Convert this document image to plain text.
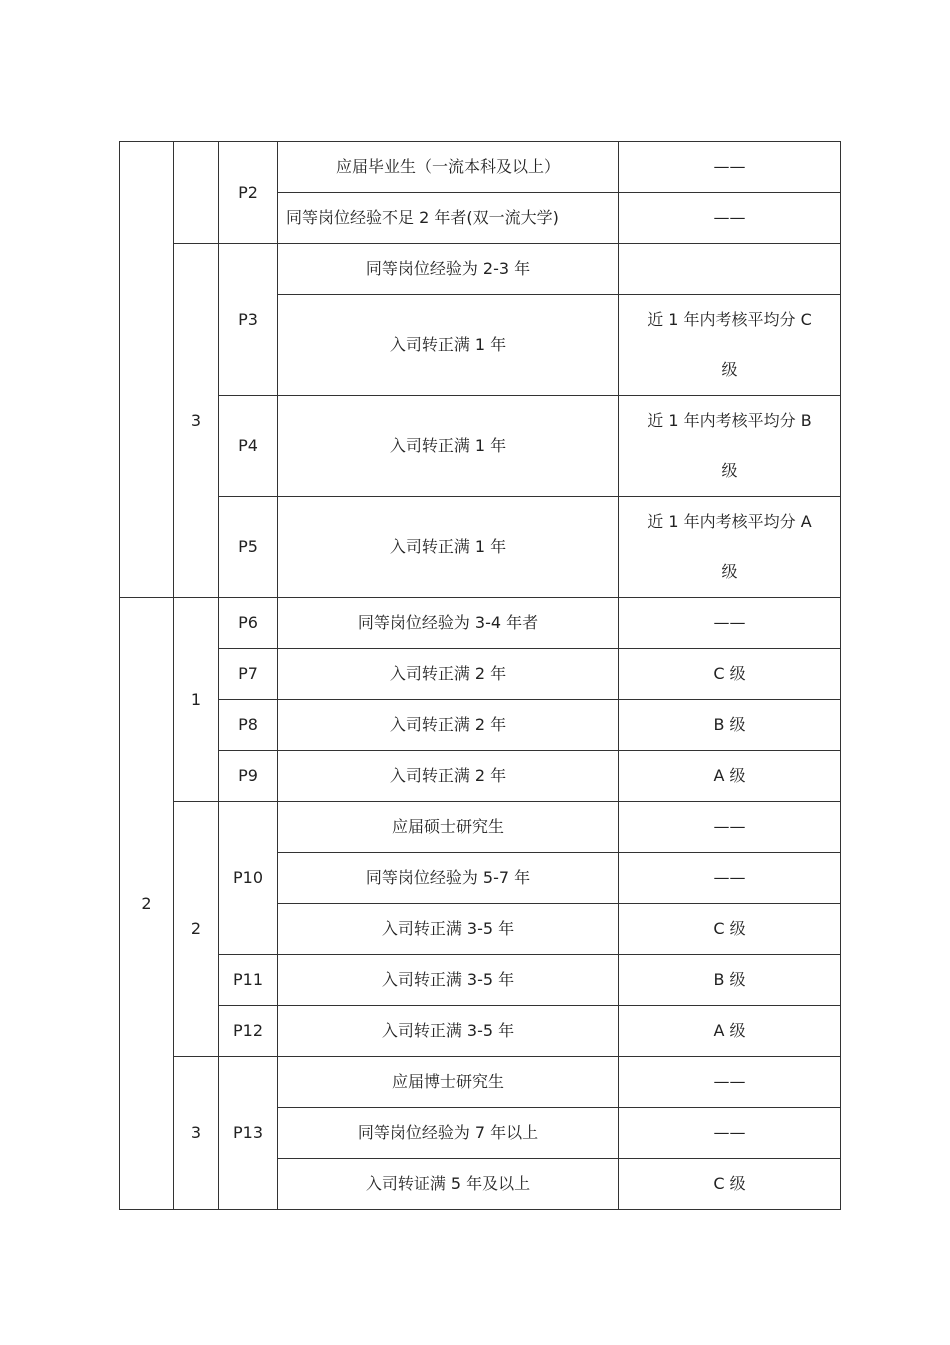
		P2	应届毕业生（一流本科及以上）	——

			同等岗位经验不足 2 年者(双一流大学)	——
	3	P3	同等岗位经验为 2-3 年	
			入司转正满 1 年	近 1 年内考核平均分 C
级

		P4	入司转正满 1 年	近 1 年内考核平均分 B
级

		P5	入司转正满 1 年	近 1 年内考核平均分 A
级

2	1	P6	同等岗位经验为 3-4 年者	——
		P7	入司转正满 2 年	C 级
		P8	入司转正满 2 年	B 级
		P9	入司转正满 2 年	A 级
	2	P10	应届硕士研究生	——
			同等岗位经验为 5-7 年	——
			入司转正满 3-5 年	C 级
		P11	入司转正满 3-5 年	B 级
		P12	入司转正满 3-5 年	A 级
	3	P13	应届博士研究生	——
			同等岗位经验为 7 年以上	——
			入司转证满 5 年及以上	C 级
